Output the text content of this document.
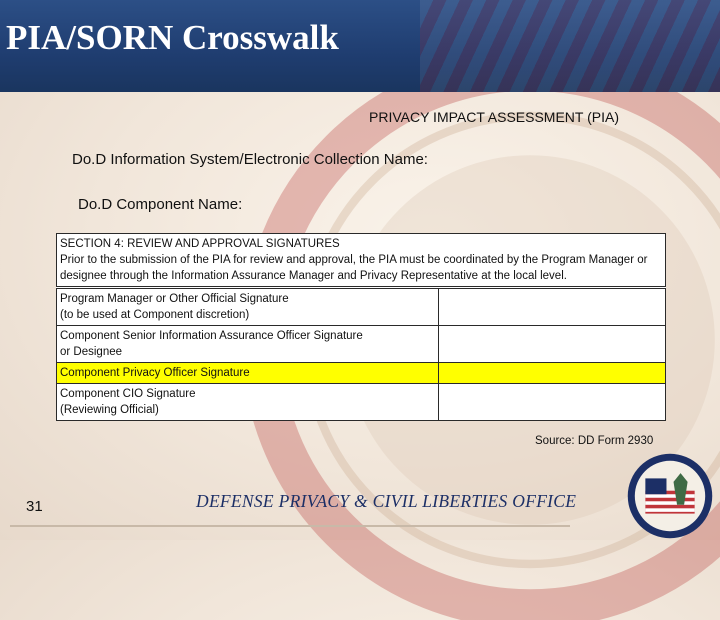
PIA/SORN Crosswalk
PRIVACY IMPACT ASSESSMENT (PIA)
Do.D Information System/Electronic Collection Name:
Do.D Component Name:
SECTION 4: REVIEW AND APPROVAL SIGNATURES
Prior to the submission of the PIA for review and approval, the PIA must be coordinated by the Program Manager or designee through the Information Assurance Manager and Privacy Representative at the local level.	

Program Manager or Other Official Signature
(to be used at Component discretion)	

Component Senior Information Assurance Officer Signature
or Designee	

Component Privacy Officer Signature	

Component CIO Signature
(Reviewing Official)	

Source: DD Form 2930
31	DEFENSE PRIVACY & CIVIL LIBERTIES OFFICE
